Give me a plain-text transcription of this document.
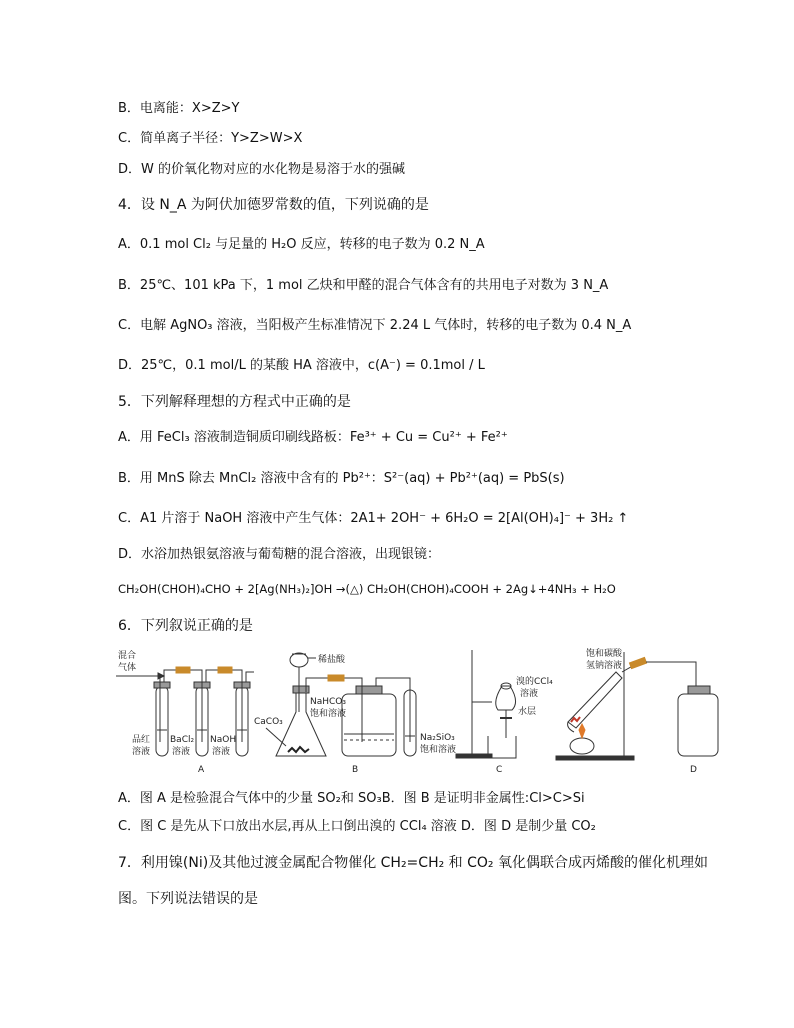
B．电离能：X>Z>Y
C．简单离子半径：Y>Z>W>X
D．W 的价氧化物对应的水化物是易溶于水的强碱
4．设 N_A 为阿伏加德罗常数的值，下列说确的是
A．0.1 mol Cl₂ 与足量的 H₂O 反应，转移的电子数为 0.2 N_A
B．25℃、101 kPa 下，1 mol 乙炔和甲醛的混合气体含有的共用电子对数为 3 N_A
C．电解 AgNO₃ 溶液，当阳极产生标准情况下 2.24 L 气体时，转移的电子数为 0.4 N_A
D．25℃，0.1 mol/L 的某酸 HA 溶液中，c(A⁻) = 0.1mol / L
5．下列解释理想的方程式中正确的是
A．用 FeCl₃ 溶液制造铜质印刷线路板：Fe³⁺ + Cu = Cu²⁺ + Fe²⁺
B．用 MnS 除去 MnCl₂ 溶液中含有的 Pb²⁺：S²⁻(aq) + Pb²⁺(aq) = PbS(s)
C．A1 片溶于 NaOH 溶液中产生气体：2A1+ 2OH⁻ + 6H₂O = 2[Al(OH)₄]⁻ + 3H₂ ↑
D．水浴加热银氨溶液与葡萄糖的混合溶液，出现银镜：
CH₂OH(CHOH)₄CHO + 2[Ag(NH₃)₂]OH →(△) CH₂OH(CHOH)₄COOH + 2Ag↓+4NH₃ + H₂O
6．下列叙说正确的是
混合
气体
品红
溶液
BaCl₂
溶液
NaOH
溶液
A
稀盐酸
CaCO₃
NaHCO₃
饱和溶液
Na₂SiO₃
饱和溶液
B
溴的CCl₄
溶液
水层
C
饱和碳酸
氢钠溶液
D
A．图 A 是检验混合气体中的少量 SO₂和 SO₃B．图 B 是证明非金属性:Cl>C>Si
C．图 C 是先从下口放出水层,再从上口倒出溴的 CCl₄ 溶液 D．图 D 是制少量 CO₂
7．利用镍(Ni)及其他过渡金属配合物催化 CH₂=CH₂ 和 CO₂ 氧化偶联合成丙烯酸的催化机理如
图。下列说法错误的是
